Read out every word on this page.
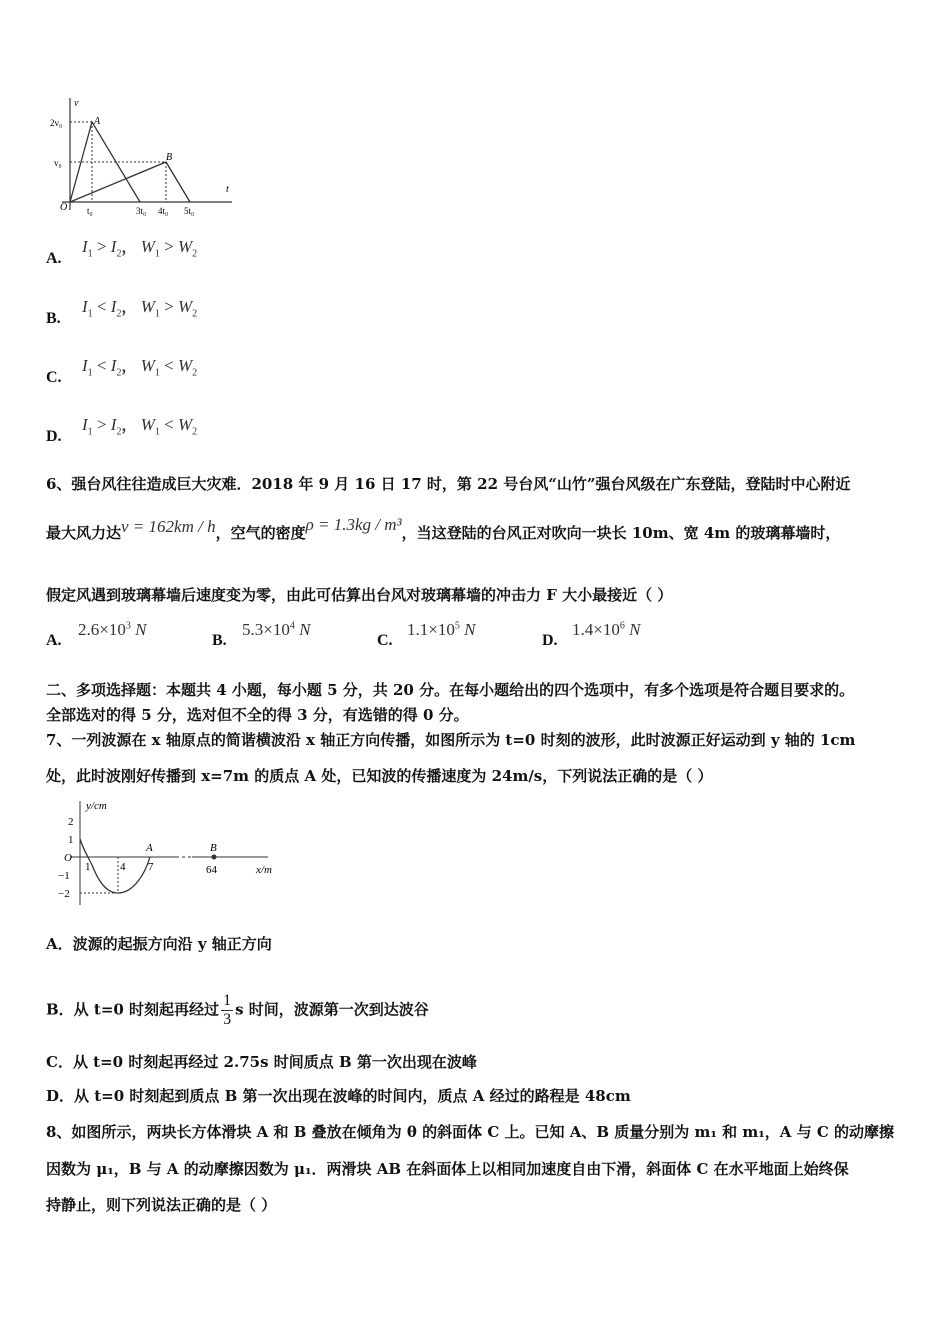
v
t
2v₀
v₀
O t₀	3t₀ 4t₀ 5t₀
A
B
A.
$I_1 > I_2$， $W_1 > W_2$
B.
$I_1 < I_2$， $W_1 > W_2$
C.
$I_1 < I_2$， $W_1 < W_2$
D.
$I_1 > I_2$， $W_1 < W_2$
6、强台风往往造成巨大灾难．2018 年 9 月 16 日 17 时，第 22 号台风“山竹”强台风级在广东登陆，登陆时中心附近
最大风力达v = 162km / h，空气的密度ρ = 1.3kg / m³，当这登陆的台风正对吹向一块长 10m、宽 4m 的玻璃幕墙时，
假定风遇到玻璃幕墙后速度变为零，由此可估算出台风对玻璃幕墙的冲击力 F 大小最接近（ ）
A.
$2.6\times 10^3$ N
B.
$5.3\times 10^4$ N
C.
$1.1\times 10^5$ N
D.
$1.4\times 10^6$ N
二、多项选择题：本题共 4 小题，每小题 5 分，共 20 分。在每小题给出的四个选项中，有多个选项是符合题目要求的。
全部选对的得 5 分，选对但不全的得 3 分，有选错的得 0 分。
7、一列波源在 x 轴原点的简谐横波沿 x 轴正方向传播，如图所示为 t=0 时刻的波形，此时波源正好运动到 y 轴的 1cm
处，此时波刚好传播到 x=7m 的质点 A 处，已知波的传播速度为 24m/s，下列说法正确的是（ ）
y/cm
x/m
2
1
O
−1
−2
1	4 7	64
A	B
A．波源的起振方向沿 y 轴正方向
B．从 t=0 时刻起再经过 $\frac{1}{3}$ s 时间，波源第一次到达波谷
C．从 t=0 时刻起再经过 2.75s 时间质点 B 第一次出现在波峰
D．从 t=0 时刻起到质点 B 第一次出现在波峰的时间内，质点 A 经过的路程是 48cm
8、如图所示，两块长方体滑块 A 和 B 叠放在倾角为 θ 的斜面体 C 上。已知 A、B 质量分别为 m₁ 和 m₁，A 与 C 的动摩擦
因数为 μ₁，B 与 A 的动摩擦因数为 μ₁．两滑块 AB 在斜面体上以相同加速度自由下滑，斜面体 C 在水平地面上始终保
持静止，则下列说法正确的是（ ）
